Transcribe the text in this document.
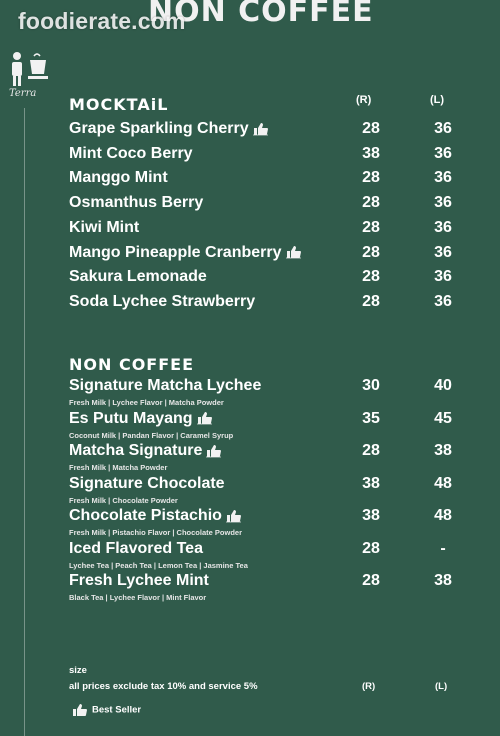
NON COFFEE
foodierate.com
Terra
MOCKTAiL	(R)	(L)
Grape Sparkling Cherry	28	36
Mint Coco Berry	38	36
Manggo Mint	28	36
Osmanthus Berry	28	36
Kiwi Mint	28	36
Mango Pineapple Cranberry	28	36
Sakura Lemonade	28	36
Soda Lychee Strawberry	28	36
NON COFFEE
Signature Matcha Lychee	30	40
Fresh Milk | Lychee Flavor | Matcha Powder
Es Putu Mayang	35	45
Coconut Milk | Pandan Flavor | Caramel Syrup
Matcha Signature	28	38
Fresh Milk | Matcha Powder
Signature Chocolate	38	48
Fresh Milk | Chocolate Powder
Chocolate Pistachio	38	48
Fresh Milk | Pistachio Flavor | Chocolate Powder
Iced Flavored Tea	28	-
Lychee Tea | Peach Tea | Lemon Tea | Jasmine Tea
Fresh Lychee Mint	28	38
Black Tea | Lychee Flavor | Mint Flavor
size
all prices exclude tax 10% and service 5%	(R)	(L)
Best Seller
